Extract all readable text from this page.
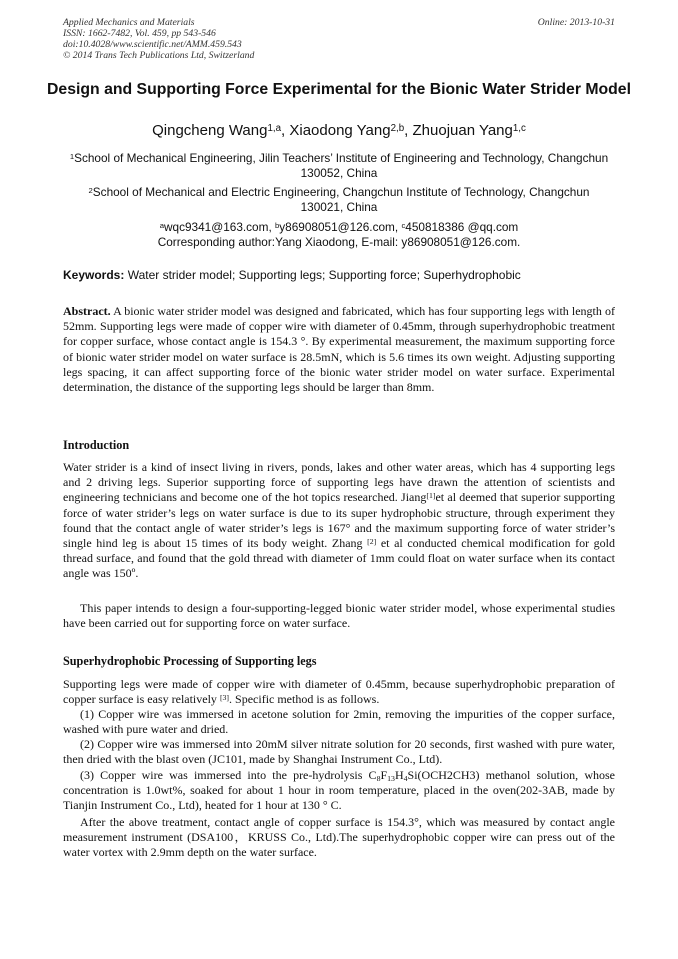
Applied Mechanics and Materials
ISSN: 1662-7482, Vol. 459, pp 543-546
doi:10.4028/www.scientific.net/AMM.459.543
© 2014 Trans Tech Publications Ltd, Switzerland
Online: 2013-10-31
Design and Supporting Force Experimental for the Bionic Water Strider Model
Qingcheng Wang$^{1,a}$, Xiaodong Yang$^{2,b}$, Zhuojuan Yang$^{1,c}$
$^1$School of Mechanical Engineering, Jilin Teachers’ Institute of Engineering and Technology, Changchun 130052, China
$^2$School of Mechanical and Electric Engineering, Changchun Institute of Technology, Changchun 130021, China
$^a$wqc9341@163.com, $^b$y86908051@126.com, $^c$450818386 @qq.com
Corresponding author:Yang Xiaodong, E-mail: y86908051@126.com.
Keywords: Water strider model; Supporting legs; Supporting force; Superhydrophobic
Abstract. A bionic water strider model was designed and fabricated, which has four supporting legs with length of 52mm. Supporting legs were made of copper wire with diameter of 0.45mm, through superhydrophobic treatment for copper surface, whose contact angle is 154.3 °. By experimental measurement, the maximum supporting force of bionic water strider model on water surface is 28.5mN, which is 5.6 times its own weight. Adjusting supporting legs spacing, it can affect supporting force of the bionic water strider model on water surface. Experimental determination, the distance of the supporting legs should be larger than 8mm.
Introduction
Water strider is a kind of insect living in rivers, ponds, lakes and other water areas, which has 4 supporting legs and 2 driving legs. Superior supporting force of supporting legs have drawn the attention of scientists and engineering technicians and become one of the hot topics researched. Jiang[1]et al deemed that superior supporting force of water strider’s legs on water surface is due to its super hydrophobic structure, through experiment they found that the contact angle of water strider’s legs is 167° and the maximum supporting force of water strider’s single hind leg is about 15 times of its body weight. Zhang [2] et al conducted chemical modification for gold thread surface, and found that the gold thread with diameter of 1mm could float on water surface when its contact angle was 150º.
This paper intends to design a four-supporting-legged bionic water strider model, whose experimental studies have been carried out for supporting force on water surface.
Superhydrophobic Processing of Supporting legs
Supporting legs were made of copper wire with diameter of 0.45mm, because superhydrophobic preparation of copper surface is easy relatively [3]. Specific method is as follows.
(1) Copper wire was immersed in acetone solution for 2min, removing the impurities of the copper surface, washed with pure water and dried.
(2) Copper wire was immersed into 20mM silver nitrate solution for 20 seconds, first washed with pure water, then dried with the blast oven (JC101, made by Shanghai Instrument Co., Ltd).
(3) Copper wire was immersed into the pre-hydrolysis $C_8F_{13}H_4Si(OCH2CH3)$ methanol solution, whose concentration is 1.0wt%, soaked for about 1 hour in room temperature, placed in the oven(202-3AB, made by Tianjin Instrument Co., Ltd), heated for 1 hour at 130 ° C.
After the above treatment, contact angle of copper surface is 154.3°, which was measured by contact angle measurement instrument (DSA100，KRUSS Co., Ltd).The superhydrophobic copper wire can press out of the water vortex with 2.9mm depth on the water surface.
